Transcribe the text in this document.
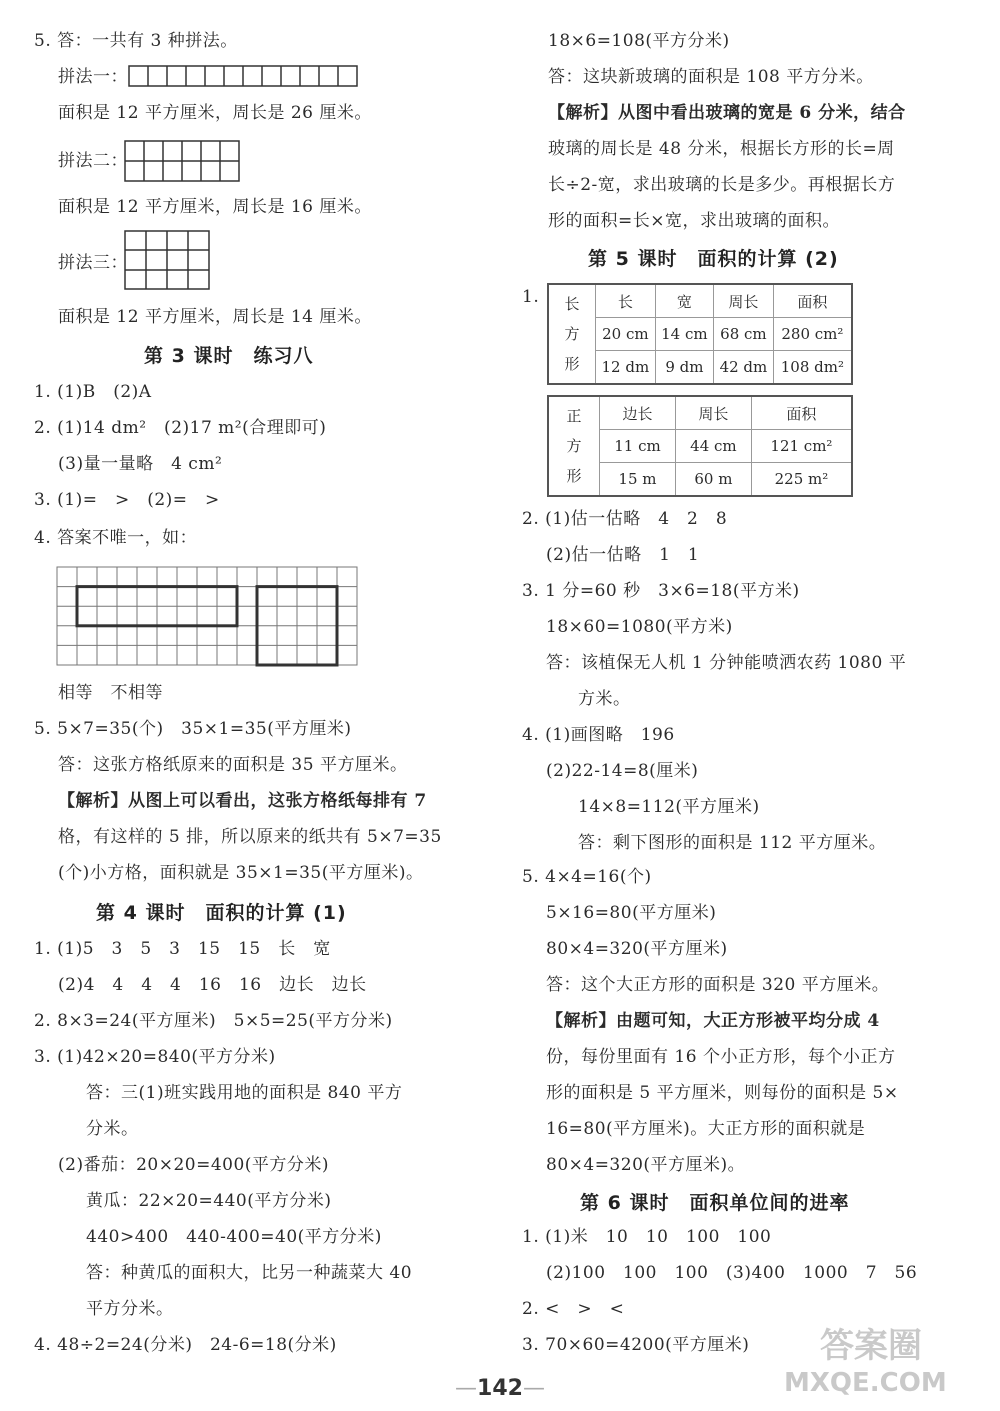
5. 答：一共有 3 种拼法。
拼法一：
面积是 12 平方厘米，周长是 26 厘米。
拼法二：
面积是 12 平方厘米，周长是 16 厘米。
拼法三：
面积是 12 平方厘米，周长是 14 厘米。
第 3 课时　练习八
1. (1)B　(2)A
2. (1)14 dm²　(2)17 m²(合理即可)
(3)量一量略　4 cm²
3. (1)=　>　(2)=　>
4. 答案不唯一，如：
相等　不相等
5. 5×7=35(个)　35×1=35(平方厘米)
答：这张方格纸原来的面积是 35 平方厘米。
【解析】从图上可以看出，这张方格纸每排有 7
格，有这样的 5 排，所以原来的纸共有 5×7=35
(个)小方格，面积就是 35×1=35(平方厘米)。
第 4 课时　面积的计算 (1)
1. (1)5　3　5　3　15　15　长　宽
(2)4　4　4　4　16　16　边长　边长
2. 8×3=24(平方厘米)　5×5=25(平方分米)
3. (1)42×20=840(平方分米)
答：三(1)班实践用地的面积是 840 平方
分米。
(2)番茄：20×20=400(平方分米)
黄瓜：22×20=440(平方分米)
440>400　440-400=40(平方分米)
答：种黄瓜的面积大，比另一种蔬菜大 40
平方分米。
4. 48÷2=24(分米)　24-6=18(分米)
18×6=108(平方分米)
答：这块新玻璃的面积是 108 平方分米。
【解析】从图中看出玻璃的宽是 6 分米，结合
玻璃的周长是 48 分米，根据长方形的长=周
长÷2-宽，求出玻璃的长是多少。再根据长方
形的面积=长×宽，求出玻璃的面积。
第 5 课时　面积的计算 (2)
1.	长
方
形	长	宽	周长	面积
	20 cm	14 cm	68 cm	280 cm²
	12 dm	9 dm	42 dm	108 dm²
正
方
形	边长	周长	面积
	11 cm	44 cm	121 cm²
	15 m	60 m	225 m²
2. (1)估一估略　4　2　8
(2)估一估略　1　1
3. 1 分=60 秒　3×6=18(平方米)
18×60=1080(平方米)
答：该植保无人机 1 分钟能喷洒农药 1080 平
方米。
4. (1)画图略　196
(2)22-14=8(厘米)
14×8=112(平方厘米)
答：剩下图形的面积是 112 平方厘米。
5. 4×4=16(个)
5×16=80(平方厘米)
80×4=320(平方厘米)
答：这个大正方形的面积是 320 平方厘米。
【解析】由题可知，大正方形被平均分成 4
份，每份里面有 16 个小正方形，每个小正方
形的面积是 5 平方厘米，则每份的面积是 5×
16=80(平方厘米)。大正方形的面积就是
80×4=320(平方厘米)。
第 6 课时　面积单位间的进率
1. (1)米　10　10　100　100
(2)100　100　100　(3)400　1000　7　56
2. <　>　<
3. 70×60=4200(平方厘米) 答案圈
MXQE.COM
—142—
